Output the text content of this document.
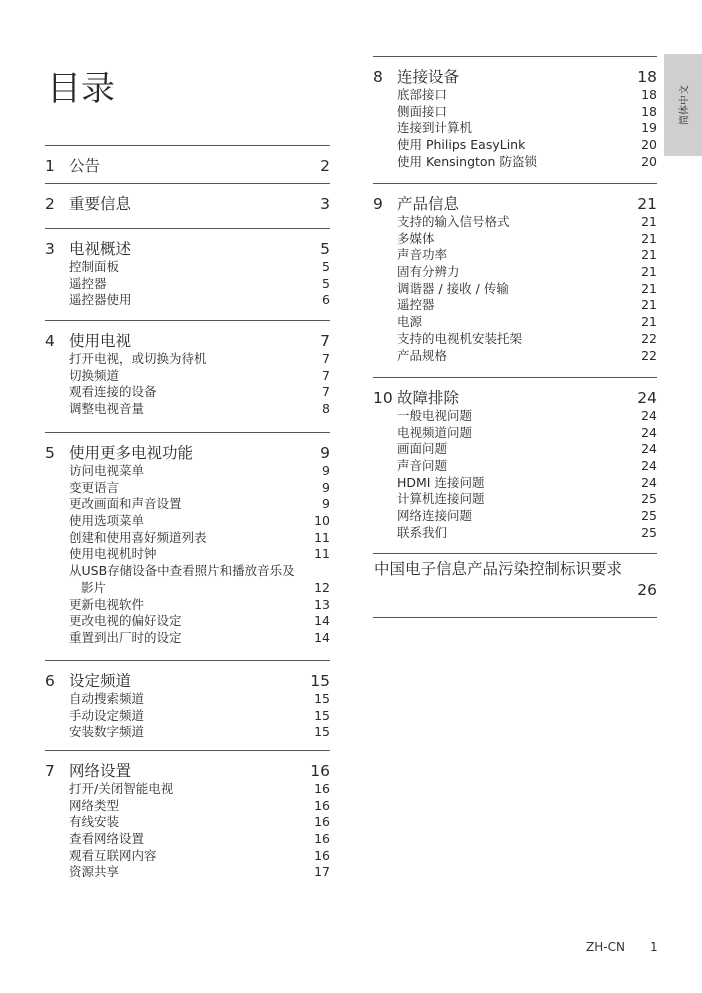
目录	简体中文
1 公告	2
2 重要信息	3
3 电视概述	5
控制面板	5
遥控器	5
遥控器使用	6
4 使用电视	7
打开电视，或切换为待机	7
切换频道	7
观看连接的设备	7
调整电视音量	8
5 使用更多电视功能	9
访问电视菜单	9
变更语言	9
更改画面和声音设置	9
使用选项菜单	10
创建和使用喜好频道列表	11
使用电视机时钟	11
从USB存储设备中查看照片和播放音乐及
影片	12
更新电视软件	13
更改电视的偏好设定	14
重置到出厂时的设定	14
6 设定频道	15
自动搜索频道	15
手动设定频道	15
安装数字频道	15
7 网络设置	16
打开/关闭智能电视	16
网络类型	16
有线安装	16
查看网络设置	16
观看互联网内容	16
资源共享	17
8 连接设备	18
底部接口	18
侧面接口	18
连接到计算机	19
使用 Philips EasyLink	20
使用 Kensington 防盗锁	20
9 产品信息	21
支持的输入信号格式	21
多媒体	21
声音功率	21
固有分辨力	21
调谐器 / 接收 / 传输	21
遥控器	21
电源	21
支持的电视机安装托架	22
产品规格	22
10 故障排除	24
一般电视问题	24
电视频道问题	24
画面问题	24
声音问题	24
HDMI 连接问题	24
计算机连接问题	25
网络连接问题	25
联系我们	25
中国电子信息产品污染控制标识要求
26
ZH-CN 1
